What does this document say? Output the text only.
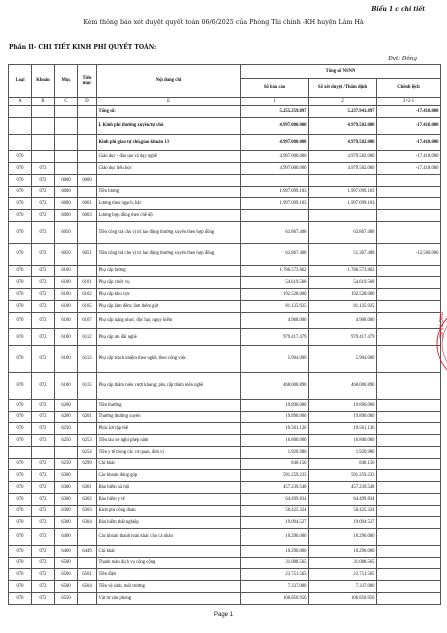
Biểu 1 c chi tiết
Kèm thông báo xét duyệt quyết toán 06/6/2025 của Phòng Tài chính -KH huyện Lâm Hà
Phần II- CHI TIẾT KINH PHÍ QUYẾT TOÁN:
Đvt: Đồng
Loại	Khoản	Mục	Tiểu mục	Nội dung chi	Tổng số NSNN		
					Số báo cáo	Số xét duyệt /Thẩm định	Chênh lệch
A	B	C	D	E	1	2	3=2-1
				Tổng số:	5.255.359.897	5.237.941.897	-17.418.000
				I. Kinh phí thường xuyên/tự chủ	4.997.000.000	4.979.582.000	-17.418.000
				Kinh phí giao tự chủ,giao khoán 13	4.997.000.000	4.979.582.000	-17.418.000
070				Giáo dục - đào tạo và dạy nghề	4.997.000.000	4.979.582.000	-17.418.000
070	072			Giáo dục tiểu học	4.997.000.000	4.979.582.000	-17.418.000
070	072	0000	0000				
070	072	6000		Tiền lương	1.997.099.103	1.997.099.103	
070	072	6000	6001	Lương theo ngạch, bậc	1.997.099.103	1.997.099.103	
070	072	6000	6003	Lương hợp đồng theo chế độ			
070	072	6050		Tiền công trả cho vị trí lao động thường xuyên theo hợp đồng	63.867.408	63.867.408	
070	072	6050	6051	Tiền công trả cho vị trí lao động thường xuyên theo hợp đồng	63.867.408	51.367.408	-12.500.000
070	072	6100		Phụ cấp lương	1.786.573.862	1.786.573.862	
070	072	6100	6101	Phụ cấp chức vụ	54.619.568	54.619.568	
070	072	6100	6102	Phụ cấp khu vực	192.528.000	192.528.000	
070	072	6100	6105	Phụ cấp làm đêm; làm thêm giờ	81.135.925	81.135.925	
070	072	6100	6107	Phụ cấp nặng nhọc, độc hại, nguy hiểm	4.968.000	4.968.000	
070	072	6100	6112	Phụ cấp ưu đãi nghề	979.417.479	979.417.479	
070	072	6100	6113	Phụ cấp trách nhiệm theo nghề, theo công việc	5.904.000	5.904.000	
070	072	6100	6115	Phụ cấp thâm niên vượt khung; phụ cấp thâm niên nghề	468.000.890	468.000.890	
070	072	6200		Tiền thưởng	19.890.000	19.890.000	
070	072	6200	6201	Thưởng thường xuyên	19.890.000	19.890.000	
070	072	6250		Phúc lợi tập thể	19.561.136	19.561.136	
070	072	6250	6253	Tiền tàu xe nghỉ phép năm	16.800.000	16.800.000	
			6254	Tiền y tế trong các cơ quan, đơn vị	1.920.980	1.920.980	
070	072	6250	6299	Chi khác	840.156	840.156	
070	072	6300		Các khoản đóng góp	591.259.233	591.259.233	
070	072	6300	6301	Bảo hiểm xã hội	457.239.548	457.239.548	
070	072	6300	6302	Bảo hiểm y tế	64.499.834	64.499.834	
070	072	6300	6303	Kinh phí công đoàn	50.425.324	50.425.324	
070	072	6300	6304	Bảo hiểm thất nghiệp	19.094.527	19.094.527	
070	072	6400		Các khoản thanh toán khác cho cá nhân	10.296.000	10.296.000	
070	072	6400	6449	Chi khác	10.296.000	10.296.000	
070	072	6500		Thanh toán dịch vụ công cộng	31.088.565	31.088.565	
070	072	6500	6501	Tiền điện	23.751.565	23.751.565	
070	072	6500	6504	Tiền vệ sinh, môi trường	7.337.000	7.337.000	
070	072	6550		Vật tư văn phòng	106.850.956	106.850.956	
PHÒ TÀ KẾ
Page 1
